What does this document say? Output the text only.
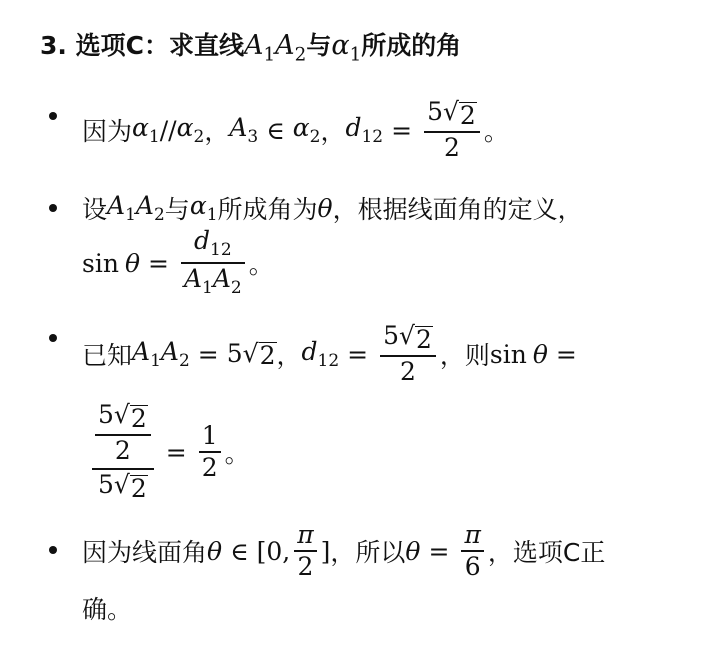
3. 选项C：求直线 $A_1A_2$ 与 $\alpha_1$ 所成的角
因为 $\alpha_1 // \alpha_2$ ， $A_3$ ∈ $\alpha_2$ ， $d_{12} = \frac{5 √ 2}{2}$ 。
设 $A_1A_2$ 与 $\alpha_1$ 所成角为 θ ，根据线面角的定义，
$\sin \theta = \frac{d_{12}}{A_1A_2}$ 。
已知 $A_1A_2 = 5$ √ 2 ， $d_{12} = \frac{5 √ 2}{2}$ ，则 sin θ =
$\frac{\frac{5 √ 2}{2}}{5 √ 2} = \frac{1}{2}$ 。
因为线面角 θ ∈ [0, $\frac{\pi}{2}$ ] ，所以 $\theta = \frac{\pi}{6}$ ，选项C正
确。
